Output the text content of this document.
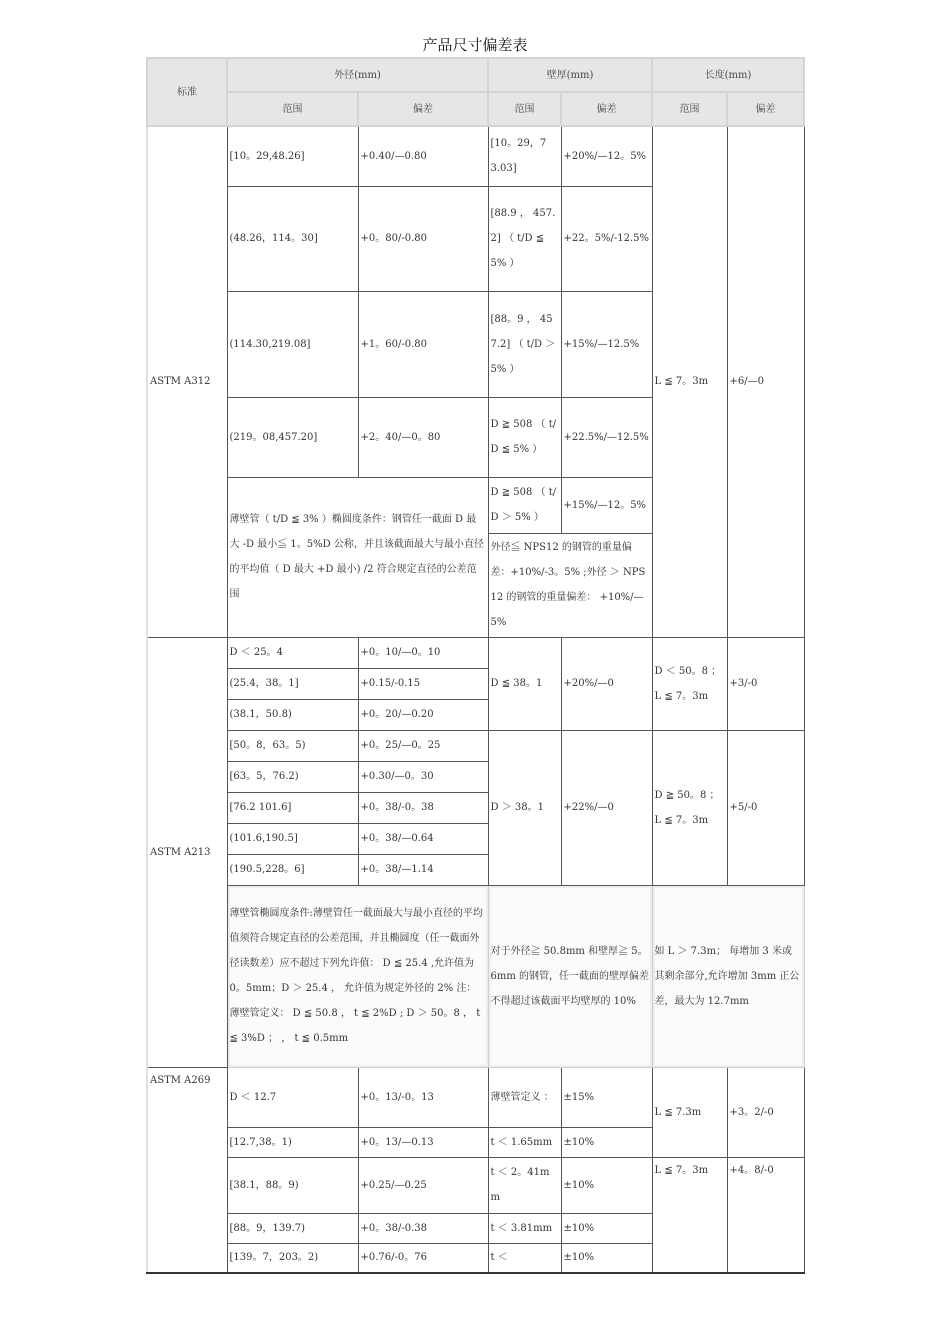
产品尺寸偏差表
标准	外径(mm)		壁厚(mm)		长度(mm)	
	范围	偏差	范围	偏差	范围	偏差
ASTM A312	[10。29,48.26]	+0.40/—0.80	[10。29，7 3.03]	+20%/—12。5%	L ≦ 7。3m	+6/—0
	(48.26，114。30]	+0。80/-0.80	[88.9 ， 457.2] （ t/D ≦ 5% ）	+22。5%/-12.5%		
	(114.30,219.08]	+1。60/-0.80	[88。9 ， 457.2] （ t/D ＞ 5% ）	+15%/—12.5%		
	(219。08,457.20]	+2。40/—0。80	D ≧ 508 （ t/D ≦ 5% ）	+22.5%/—12.5%		
	薄壁管（ t/D ≦ 3% ）椭圆度条件：钢管任一截面 D 最大 -D 最小≦ 1。5%D 公称，并且该截面最大与最小直径的平均值（ D 最大 +D 最小) /2 符合规定直径的公差范围		D ≧ 508 （ t/D ＞ 5% ）	+15%/—12。5%		
			外径≦ NPS12 的钢管的重量偏差：+10%/-3。5% ;外径 ＞ NPS12 的钢管的重量偏差： +10%/—5%			

ASTM A213	D ＜ 25。4	+0。10/—0。10	D ≦ 38。1	+20%/—0	D ＜ 50。8 ； L ≦ 7。3m	+3/-0
	(25.4，38。1]	+0.15/-0.15				
	(38.1，50.8)	+0。20/—0.20				
	[50。8，63。5)	+0。25/—0。25	D ＞ 38。1	+22%/—0	D ≧ 50。8 ； L ≦ 7。3m	+5/-0
	[63。5，76.2)	+0.30/—0。30				
	[76.2 101.6]	+0。38/-0。38				
	(101.6,190.5]	+0。38/—0.64				
	(190.5,228。6]	+0。38/—1.14				
	薄壁管椭圆度条件:薄壁管任一截面最大与最小直径的平均值须符合规定直径的公差范围，并且椭圆度（任一截面外径读数差）应不超过下列允许值： D ≦ 25.4 ,允许值为 0。5mm；D ＞ 25.4 ， 允许值为规定外径的 2% 注：薄壁管定义： D ≦ 50.8 ， t ≦ 2%D ; D ＞ 50。8 ， t ≦ 3%D ； ， t ≦ 0.5mm		对于外径≧ 50.8mm 和壁厚≧ 5。6mm 的钢管，任一截面的壁厚偏差不得超过该截面平均壁厚的 10%		如 L ＞ 7.3m； 每增加 3 米或其剩余部分,允许增加 3mm 正公差，最大为 12.7mm	
ASTM A269	D ＜ 12.7	+0。13/-0。13	薄壁管定义 ：	±15%	L ≦ 7.3m	+3。2/-0
	[12.7,38。1)	+0。13/—0.13	t ＜ 1.65mm	±10%		
	[38.1，88。9)	+0.25/—0.25	t ＜ 2。41mm	±10%	L ≦ 7。3m	+4。8/-0
	[88。9，139.7)	+0。38/-0.38	t ＜ 3.81mm	±10%		
	[139。7，203。2)	+0.76/-0。76	t ＜	±10%		
